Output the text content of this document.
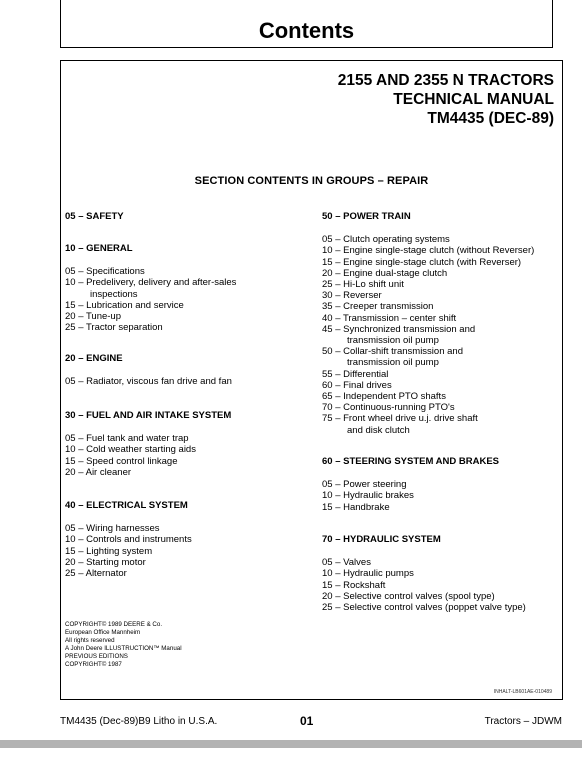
Contents
2155 AND 2355 N TRACTORS
TECHNICAL MANUAL
TM4435 (DEC-89)
SECTION CONTENTS IN GROUPS – REPAIR
05 – SAFETY
10 – GENERAL
05 – Specifications
10 – Predelivery, delivery and after-sales
inspections
15 – Lubrication and service
20 – Tune-up
25 – Tractor separation
20 – ENGINE
05 – Radiator, viscous fan drive and fan
30 – FUEL AND AIR INTAKE SYSTEM
05 – Fuel tank and water trap
10 – Cold weather starting aids
15 – Speed control linkage
20 – Air cleaner
40 – ELECTRICAL SYSTEM
05 – Wiring harnesses
10 – Controls and instruments
15 – Lighting system
20 – Starting motor
25 – Alternator
50 – POWER TRAIN
05 – Clutch operating systems
10 – Engine single-stage clutch (without Reverser)
15 – Engine single-stage clutch (with Reverser)
20 – Engine dual-stage clutch
25 – Hi-Lo shift unit
30 – Reverser
35 – Creeper transmission
40 – Transmission – center shift
45 – Synchronized transmission and
transmission oil pump
50 – Collar-shift transmission and
transmission oil pump
55 – Differential
60 – Final drives
65 – Independent PTO shafts
70 – Continuous-running PTO's
75 – Front wheel drive u.j. drive shaft
and disk clutch
60 – STEERING SYSTEM AND BRAKES
05 – Power steering
10 – Hydraulic brakes
15 – Handbrake
70 – HYDRAULIC SYSTEM
05 – Valves
10 – Hydraulic pumps
15 – Rockshaft
20 – Selective control valves (spool type)
25 – Selective control valves (poppet valve type)
COPYRIGHT© 1989 DEERE & Co.
European Office Mannheim
All rights reserved
A John Deere ILLUSTRUCTION™ Manual
PREVIOUS EDITIONS
COPYRIGHT© 1987
INHALT-LB601AE-010489
TM4435 (Dec-89)B9 Litho in U.S.A.	01	Tractors – JDWM
